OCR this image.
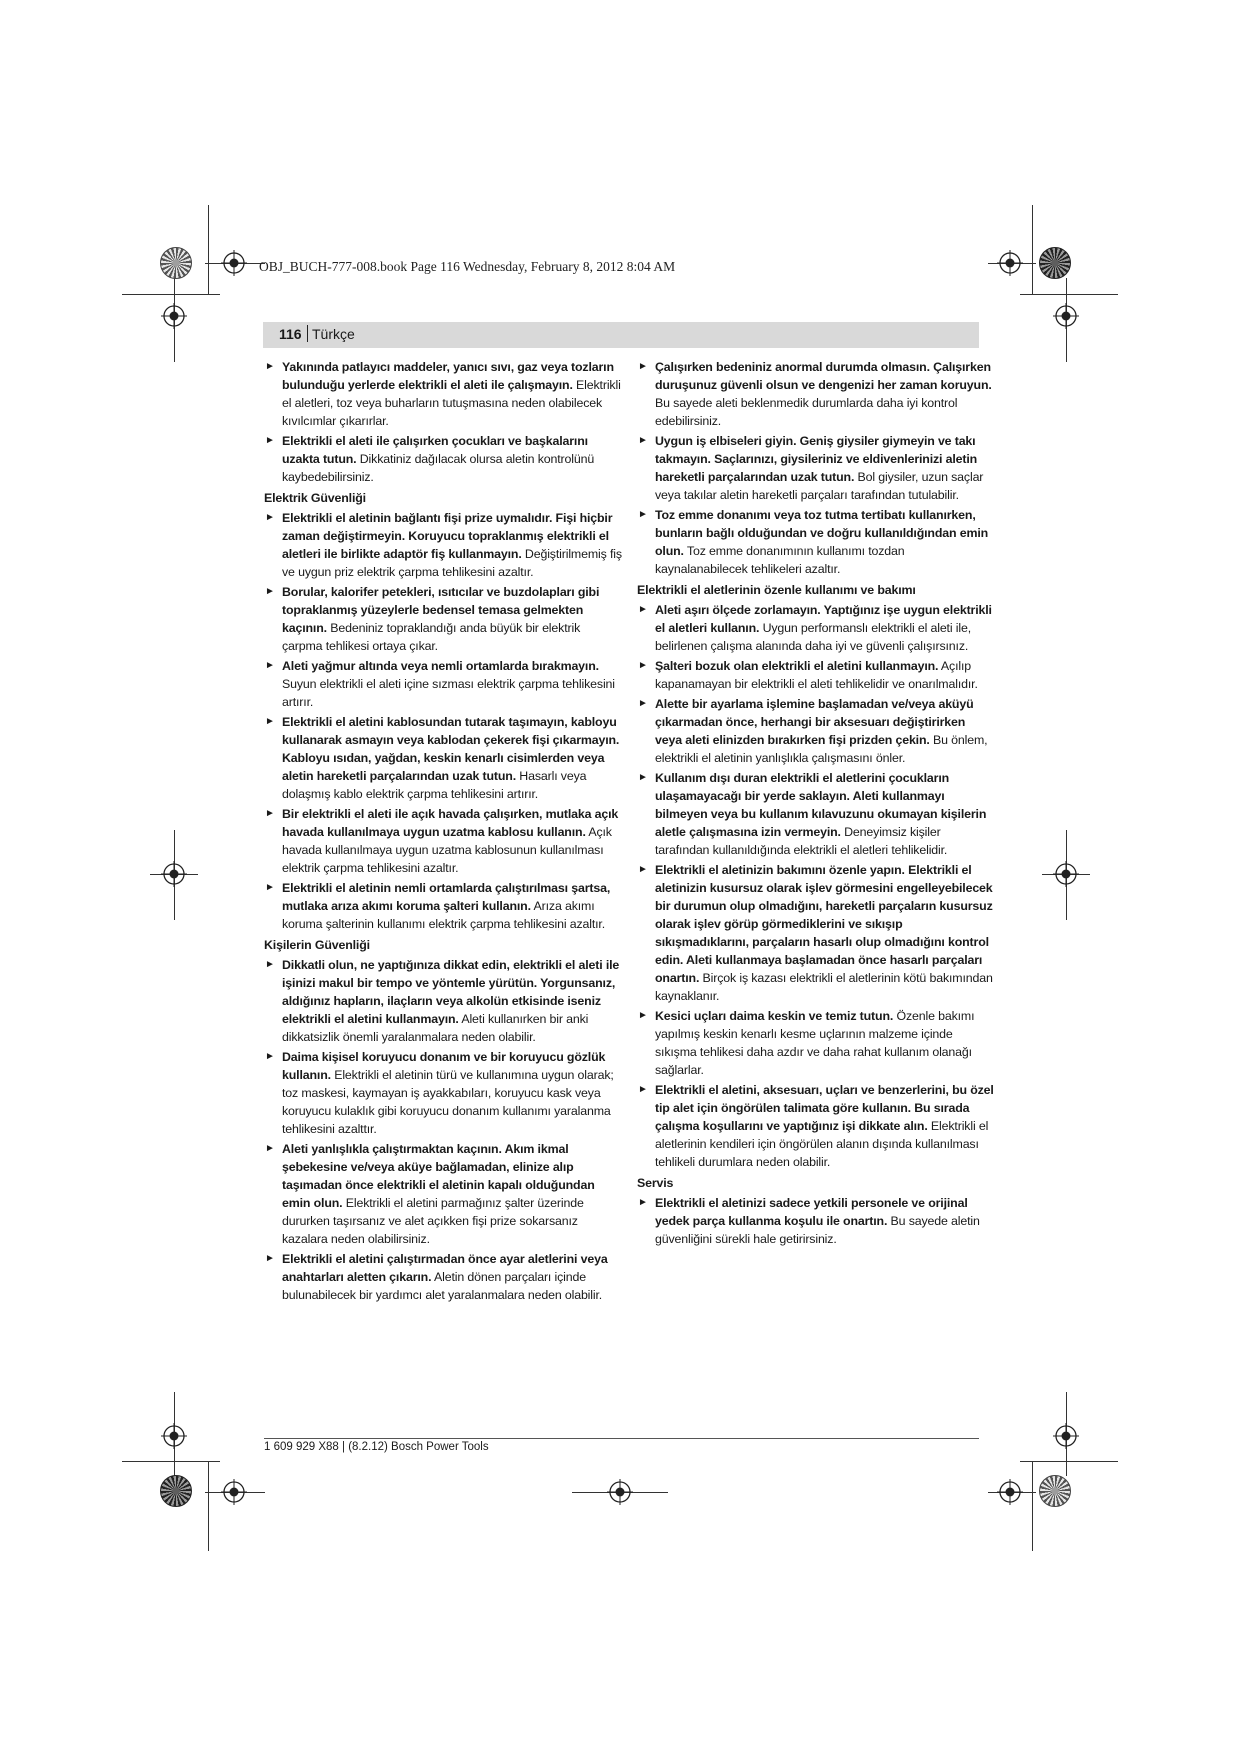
OBJ_BUCH-777-008.book Page 116 Wednesday, February 8, 2012 8:04 AM
116 Türkçe
► Yakınında patlayıcı maddeler, yanıcı sıvı, gaz veya tozların bulunduğu yerlerde elektrikli el aleti ile çalışmayın. Elektrikli el aletleri, toz veya buharların tutuşmasına neden olabilecek kıvılcımlar çıkarırlar.
► Elektrikli el aleti ile çalışırken çocukları ve başkalarını uzakta tutun. Dikkatiniz dağılacak olursa aletin kontrolünü kaybedebilirsiniz.
Elektrik Güvenliği
► Elektrikli el aletinin bağlantı fişi prize uymalıdır. Fişi hiçbir zaman değiştirmeyin. Koruyucu topraklanmış elektrikli el aletleri ile birlikte adaptör fiş kullanmayın. Değiştirilmemiş fiş ve uygun priz elektrik çarpma tehlikesini azaltır.
► Borular, kalorifer petekleri, ısıtıcılar ve buzdolapları gibi topraklanmış yüzeylerle bedensel temasa gelmekten kaçının. Bedeniniz topraklandığı anda büyük bir elektrik çarpma tehlikesi ortaya çıkar.
► Aleti yağmur altında veya nemli ortamlarda bırakmayın. Suyun elektrikli el aleti içine sızması elektrik çarpma tehlikesini artırır.
► Elektrikli el aletini kablosundan tutarak taşımayın, kabloyu kullanarak asmayın veya kablodan çekerek fişi çıkarmayın. Kabloyu ısıdan, yağdan, keskin kenarlı cisimlerden veya aletin hareketli parçalarından uzak tutun. Hasarlı veya dolaşmış kablo elektrik çarpma tehlikesini artırır.
► Bir elektrikli el aleti ile açık havada çalışırken, mutlaka açık havada kullanılmaya uygun uzatma kablosu kullanın. Açık havada kullanılmaya uygun uzatma kablosunun kullanılması elektrik çarpma tehlikesini azaltır.
► Elektrikli el aletinin nemli ortamlarda çalıştırılması şartsa, mutlaka arıza akımı koruma şalteri kullanın. Arıza akımı koruma şalterinin kullanımı elektrik çarpma tehlikesini azaltır.
Kişilerin Güvenliği
► Dikkatli olun, ne yaptığınıza dikkat edin, elektrikli el aleti ile işinizi makul bir tempo ve yöntemle yürütün. Yorgunsanız, aldığınız hapların, ilaçların veya alkolün etkisinde iseniz elektrikli el aletini kullanmayın. Aleti kullanırken bir anki dikkatsizlik önemli yaralanmalara neden olabilir.
► Daima kişisel koruyucu donanım ve bir koruyucu gözlük kullanın. Elektrikli el aletinin türü ve kullanımına uygun olarak; toz maskesi, kaymayan iş ayakkabıları, koruyucu kask veya koruyucu kulaklık gibi koruyucu donanım kullanımı yaralanma tehlikesini azalttır.
► Aleti yanlışlıkla çalıştırmaktan kaçının. Akım ikmal şebekesine ve/veya aküye bağlamadan, elinize alıp taşımadan önce elektrikli el aletinin kapalı olduğundan emin olun. Elektrikli el aletini parmağınız şalter üzerinde dururken taşırsanız ve alet açıkken fişi prize sokarsanız kazalara neden olabilirsiniz.
► Elektrikli el aletini çalıştırmadan önce ayar aletlerini veya anahtarları aletten çıkarın. Aletin dönen parçaları içinde bulunabilecek bir yardımcı alet yaralanmalara neden olabilir.
► Çalışırken bedeniniz anormal durumda olmasın. Çalışırken duruşunuz güvenli olsun ve dengenizi her zaman koruyun. Bu sayede aleti beklenmedik durumlarda daha iyi kontrol edebilirsiniz.
► Uygun iş elbiseleri giyin. Geniş giysiler giymeyin ve takı takmayın. Saçlarınızı, giysileriniz ve eldivenlerinizi aletin hareketli parçalarından uzak tutun. Bol giysiler, uzun saçlar veya takılar aletin hareketli parçaları tarafından tutulabilir.
► Toz emme donanımı veya toz tutma tertibatı kullanırken, bunların bağlı olduğundan ve doğru kullanıldığından emin olun. Toz emme donanımının kullanımı tozdan kaynalanabilecek tehlikeleri azaltır.
Elektrikli el aletlerinin özenle kullanımı ve bakımı
► Aleti aşırı ölçede zorlamayın. Yaptığınız işe uygun elektrikli el aletleri kullanın. Uygun performanslı elektrikli el aleti ile, belirlenen çalışma alanında daha iyi ve güvenli çalışırsınız.
► Şalteri bozuk olan elektrikli el aletini kullanmayın. Açılıp kapanamayan bir elektrikli el aleti tehlikelidir ve onarılmalıdır.
► Alette bir ayarlama işlemine başlamadan ve/veya aküyü çıkarmadan önce, herhangi bir aksesuarı değiştirirken veya aleti elinizden bırakırken fişi prizden çekin. Bu önlem, elektrikli el aletinin yanlışlıkla çalışmasını önler.
► Kullanım dışı duran elektrikli el aletlerini çocukların ulaşamayacağı bir yerde saklayın. Aleti kullanmayı bilmeyen veya bu kullanım kılavuzunu okumayan kişilerin aletle çalışmasına izin vermeyin. Deneyimsiz kişiler tarafından kullanıldığında elektrikli el aletleri tehlikelidir.
► Elektrikli el aletinizin bakımını özenle yapın. Elektrikli el aletinizin kusursuz olarak işlev görmesini engelleyebilecek bir durumun olup olmadığını, hareketli parçaların kusursuz olarak işlev görüp görmediklerini ve sıkışıp sıkışmadıklarını, parçaların hasarlı olup olmadığını kontrol edin. Aleti kullanmaya başlamadan önce hasarlı parçaları onartın. Birçok iş kazası elektrikli el aletlerinin kötü bakımından kaynaklanır.
► Kesici uçları daima keskin ve temiz tutun. Özenle bakımı yapılmış keskin kenarlı kesme uçlarının malzeme içinde sıkışma tehlikesi daha azdır ve daha rahat kullanım olanağı sağlarlar.
► Elektrikli el aletini, aksesuarı, uçları ve benzerlerini, bu özel tip alet için öngörülen talimata göre kullanın. Bu sırada çalışma koşullarını ve yaptığınız işi dikkate alın. Elektrikli el aletlerinin kendileri için öngörülen alanın dışında kullanılması tehlikeli durumlara neden olabilir.
Servis
► Elektrikli el aletinizi sadece yetkili personele ve orijinal yedek parça kullanma koşulu ile onartın. Bu sayede aletin güvenliğini sürekli hale getirirsiniz.
1 609 929 X88 | (8.2.12) Bosch Power Tools
